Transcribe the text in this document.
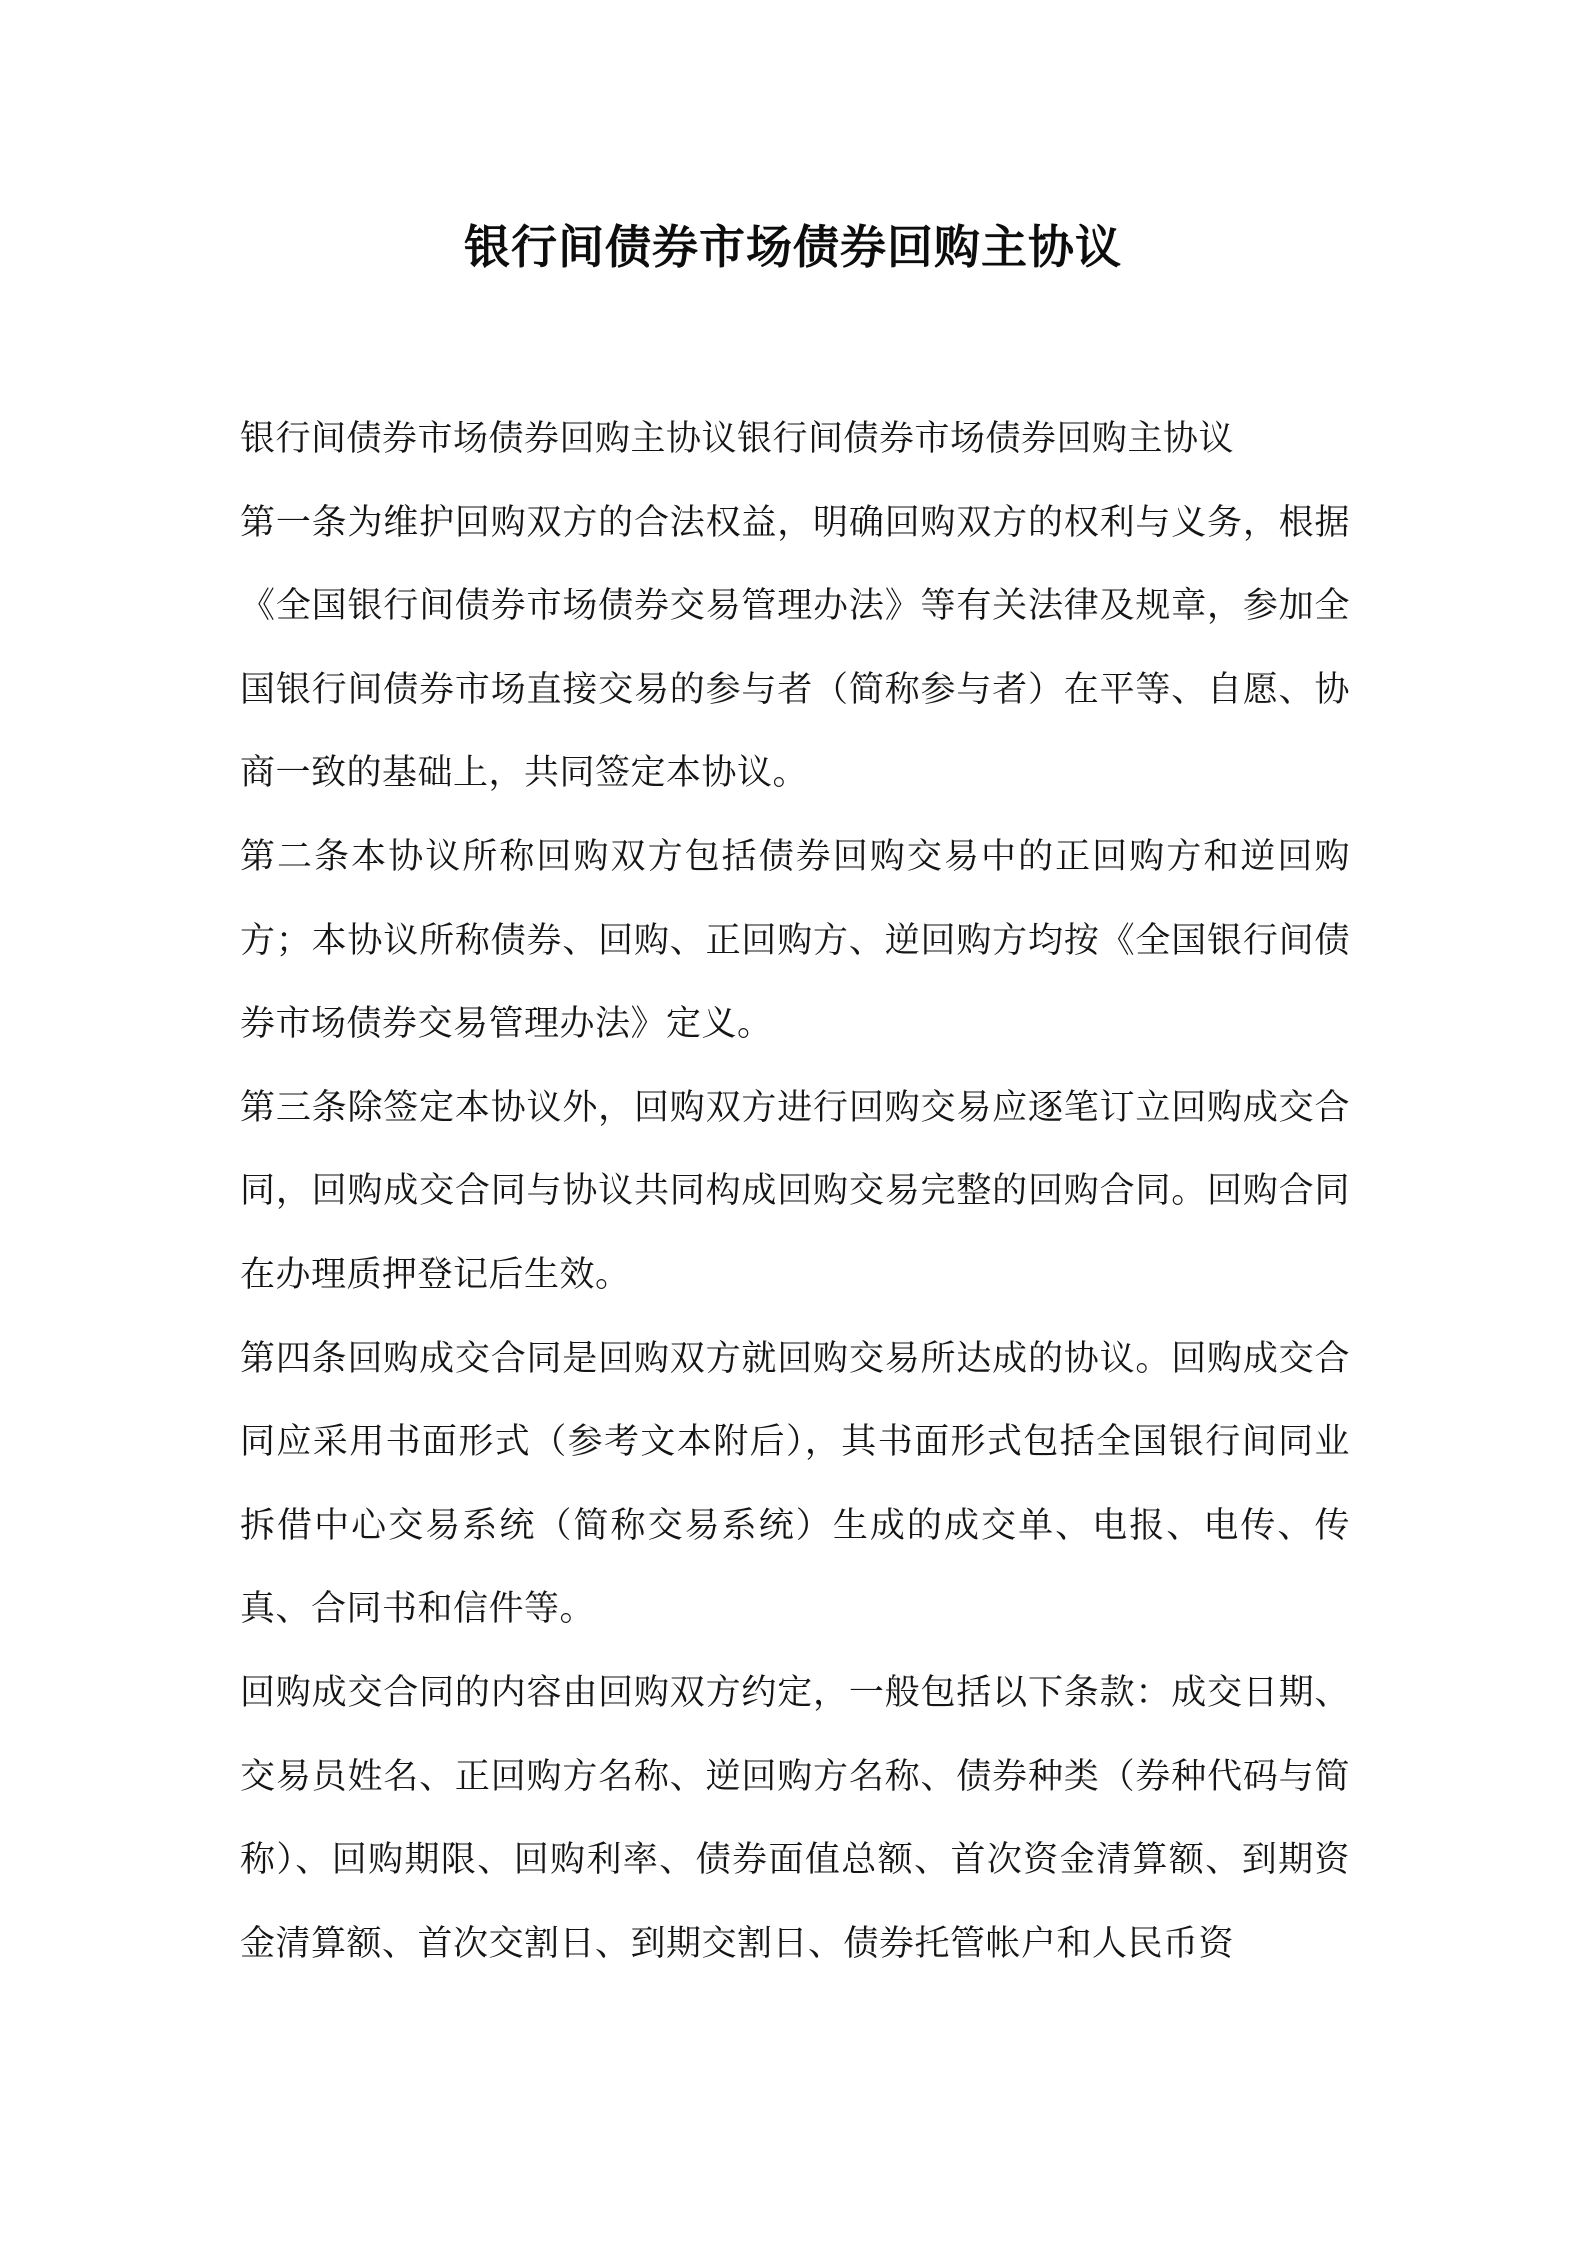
银行间债券市场债券回购主协议

银行间债券市场债券回购主协议银行间债券市场债券回购主协议

第一条为维护回购双方的合法权益，明确回购双方的权利与义务，根据《全国银行间债券市场债券交易管理办法》等有关法律及规章，参加全国银行间债券市场直接交易的参与者（简称参与者）在平等、自愿、协商一致的基础上，共同签定本协议。

第二条本协议所称回购双方包括债券回购交易中的正回购方和逆回购方；本协议所称债券、回购、正回购方、逆回购方均按《全国银行间债券市场债券交易管理办法》定义。

第三条除签定本协议外，回购双方进行回购交易应逐笔订立回购成交合同，回购成交合同与协议共同构成回购交易完整的回购合同。回购合同在办理质押登记后生效。

第四条回购成交合同是回购双方就回购交易所达成的协议。回购成交合同应采用书面形式（参考文本附后），其书面形式包括全国银行间同业拆借中心交易系统（简称交易系统）生成的成交单、电报、电传、传真、合同书和信件等。

回购成交合同的内容由回购双方约定，一般包括以下条款：成交日期、交易员姓名、正回购方名称、逆回购方名称、债券种类（券种代码与简称）、回购期限、回购利率、债券面值总额、首次资金清算额、到期资金清算额、首次交割日、到期交割日、债券托管帐户和人民币资
